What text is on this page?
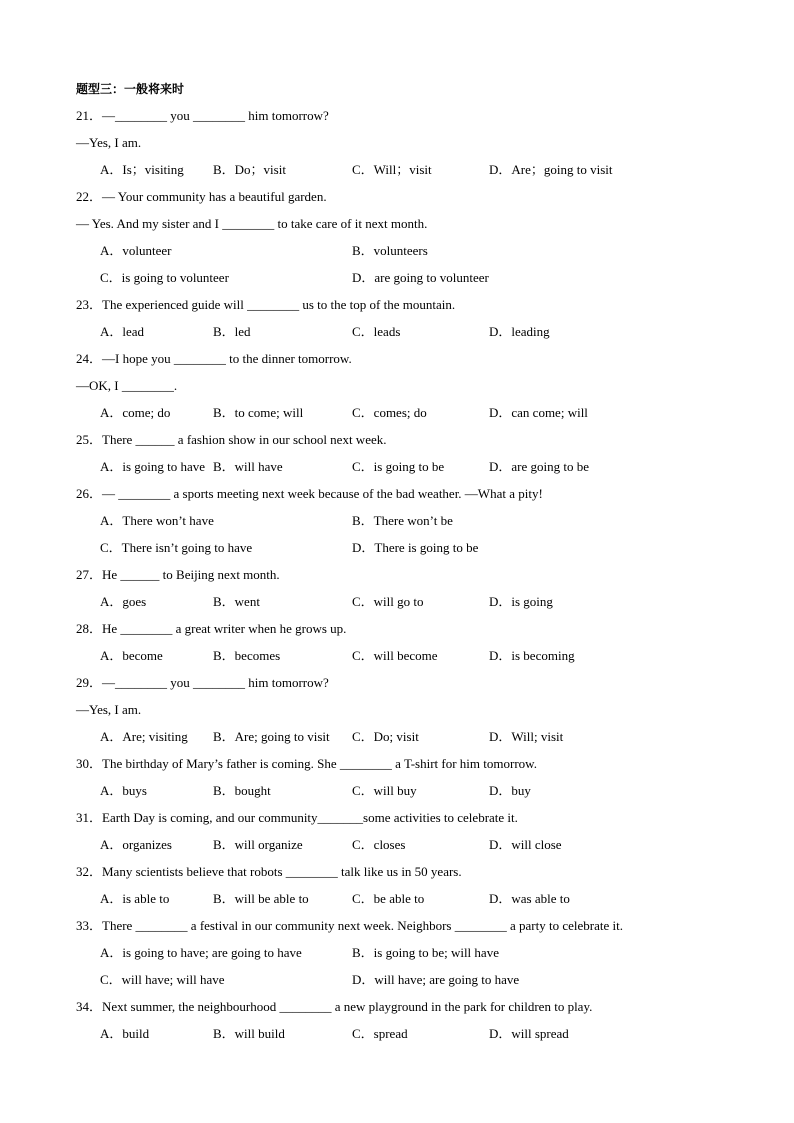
题型三：一般将来时
21．—________ you ________ him tomorrow?
—Yes, I am.
A．Is；visiting B．Do；visit	C．Will；visit	D．Are；going to visit
22．— Your community has a beautiful garden.
— Yes. And my sister and I ________ to take care of it next month.
A．volunteer	B．volunteers
C．is going to volunteer	D．are going to volunteer
23．The experienced guide will ________ us to the top of the mountain.
A．lead	B．led	C．leads	D．leading
24．—I hope you ________ to the dinner tomorrow.
—OK, I ________.
A．come; do	B．to come; will	C．comes; do	D．can come; will
25．There ______ a fashion show in our school next week.
A．is going to have B．will have	C．is going to be	D．are going to be
26．— ________ a sports meeting next week because of the bad weather. —What a pity!
A．There won’t have	B．There won’t be
C．There isn’t going to have	D．There is going to be
27．He ______ to Beijing next month.
A．goes	B．went	C．will go to	D．is going
28．He ________ a great writer when he grows up.
A．become	B．becomes	C．will become	D．is becoming
29．—________ you ________ him tomorrow?
—Yes, I am.
A．Are; visiting B．Are; going to visit C．Do; visit	D．Will; visit
30．The birthday of Mary’s father is coming. She ________ a T-shirt for him tomorrow.
A．buys	B．bought	C．will buy	D．buy
31．Earth Day is coming, and our community_______some activities to celebrate it.
A．organizes	B．will organize	C．closes	D．will close
32．Many scientists believe that robots ________ talk like us in 50 years.
A．is able to	B．will be able to	C．be able to	D．was able to
33．There ________ a festival in our community next week. Neighbors ________ a party to celebrate it.
A．is going to have; are going to have	B．is going to be; will have
C．will have; will have	D．will have; are going to have
34．Next summer, the neighbourhood ________ a new playground in the park for children to play.
A．build	B．will build	C．spread	D．will spread
